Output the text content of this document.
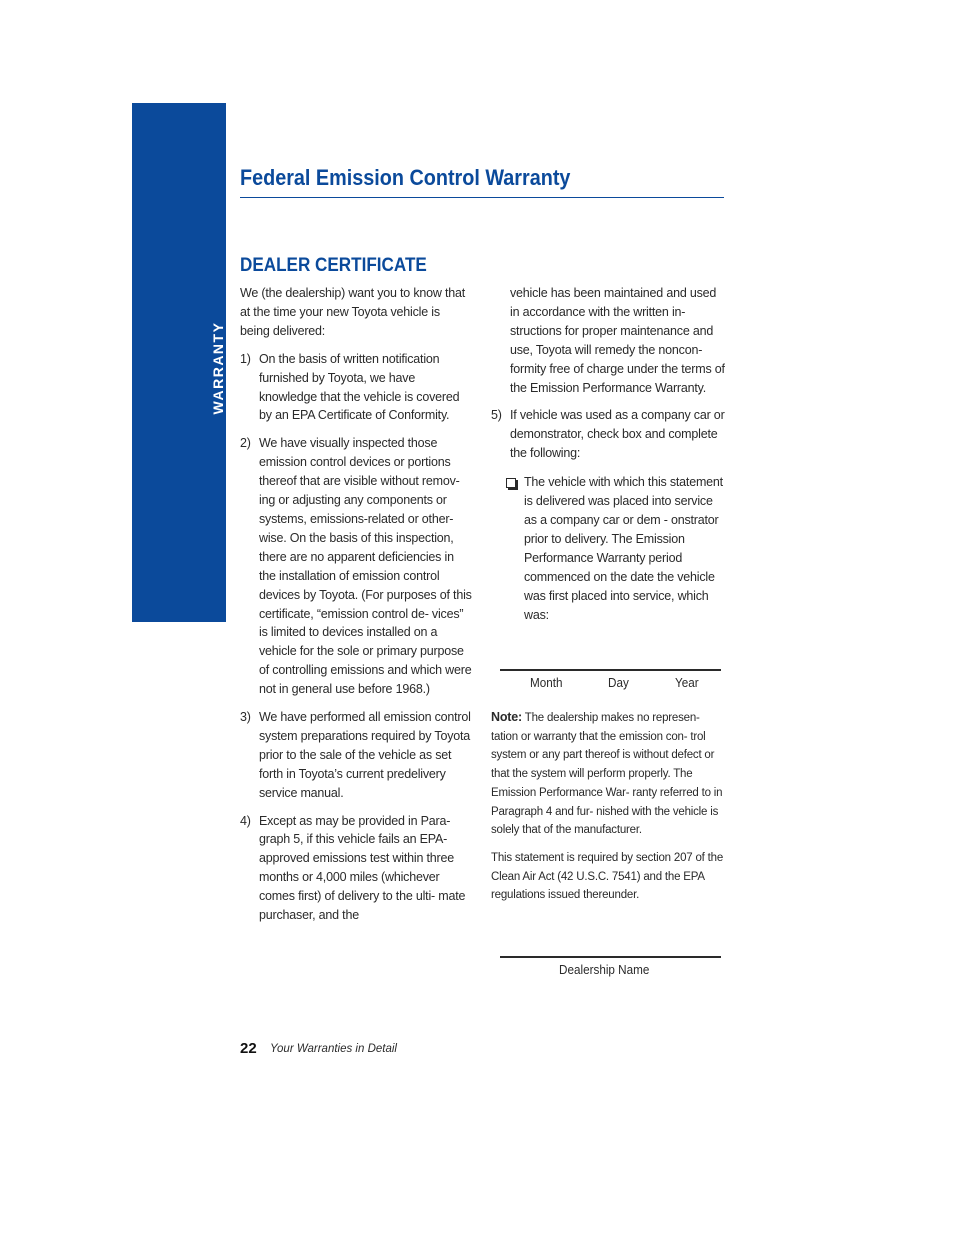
WARRANTY
Federal Emission Control Warranty
DEALER CERTIFICATE

We (the dealership) want you to know that at the time your new Toyota vehicle is being delivered:

1) On the basis of written notification furnished by Toyota, we have knowledge that the vehicle is covered by an EPA Certificate of Conformity.
2) We have visually inspected those emission control devices or portions thereof that are visible without remov- ing or adjusting any components or systems, emissions-related or other- wise. On the basis of this inspection, there are no apparent deficiencies in the installation of emission control devices by Toyota. (For purposes of this certificate, “emission control de- vices” is limited to devices installed on a vehicle for the sole or primary purpose of controlling emissions and which were not in general use before 1968.)
3) We have performed all emission control system preparations required by Toyota prior to the sale of the vehicle as set forth in Toyota’s current predelivery service manual.
4) Except as may be provided in Para- graph 5, if this vehicle fails an EPA- approved emissions test within three months or 4,000 miles (whichever comes first) of delivery to the ulti- mate purchaser, and the
vehicle has been maintained and used in accordance with the written in- structions for proper maintenance and use, Toyota will remedy the noncon- formity free of charge under the terms of the Emission Performance Warranty.
5) If vehicle was used as a company car or demonstrator, check box and complete the following:
The vehicle with which this statement is delivered was placed into service as a company car or dem - onstrator prior to delivery. The Emission Performance Warranty period commenced on the date the vehicle was first placed into service, which was:
Month	Day	Year

Note: The dealership makes no represen- tation or warranty that the emission con- trol system or any part thereof is without defect or that the system will perform properly. The Emission Performance War- ranty referred to in Paragraph 4 and fur- nished with the vehicle is solely that of the manufacturer.

This statement is required by section 207 of the Clean Air Act (42 U.S.C. 7541) and the EPA regulations issued thereunder.

Dealership Name
22 Your Warranties in Detail
